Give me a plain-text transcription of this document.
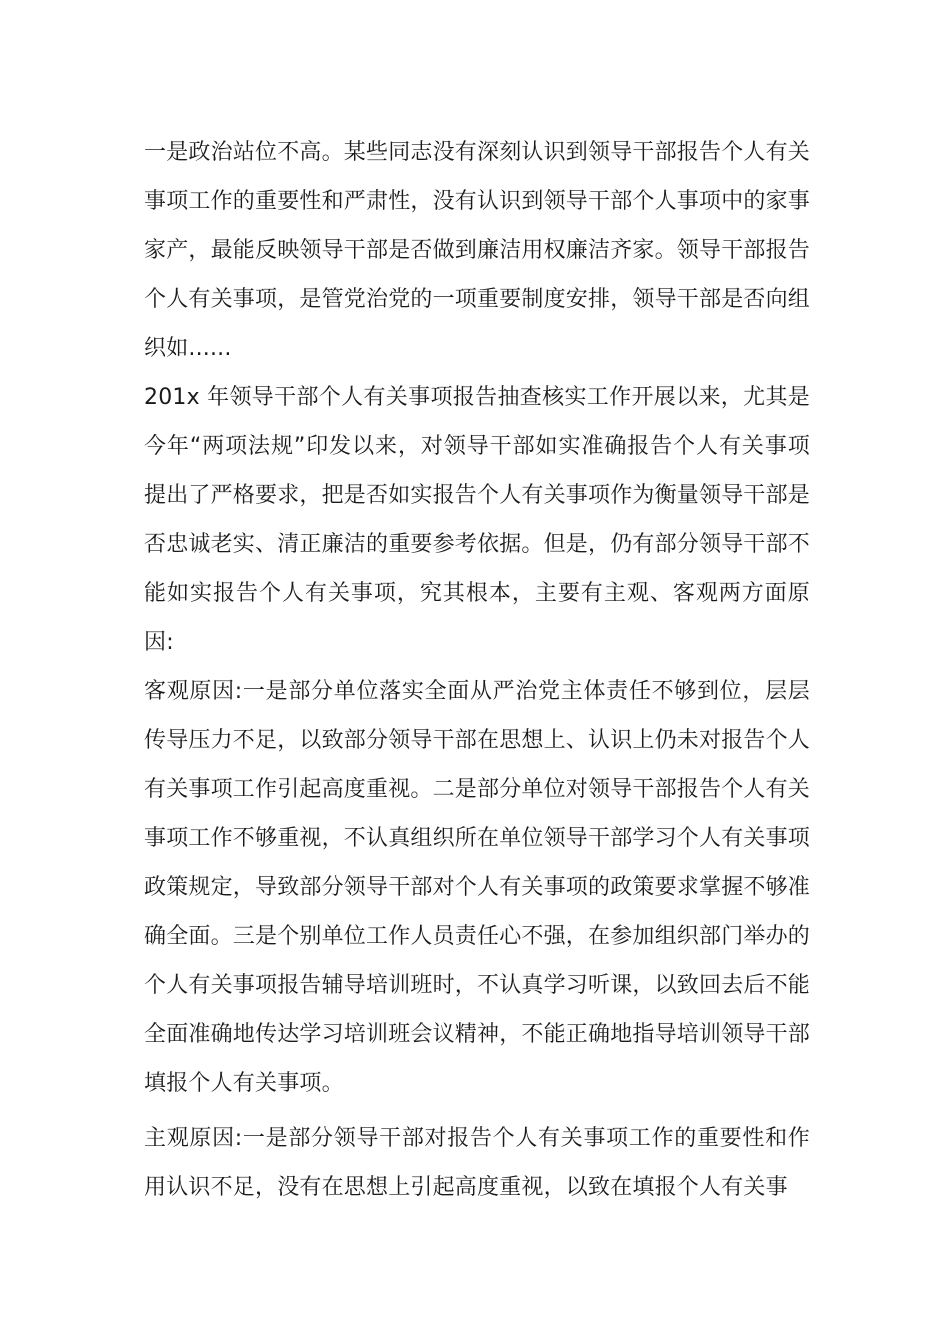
一是政治站位不高。某些同志没有深刻认识到领导干部报告个人有关事项工作的重要性和严肃性，没有认识到领导干部个人事项中的家事家产，最能反映领导干部是否做到廉洁用权廉洁齐家。领导干部报告个人有关事项，是管党治党的一项重要制度安排，领导干部是否向组织如......

201x 年领导干部个人有关事项报告抽查核实工作开展以来，尤其是今年“两项法规”印发以来，对领导干部如实准确报告个人有关事项提出了严格要求，把是否如实报告个人有关事项作为衡量领导干部是否忠诚老实、清正廉洁的重要参考依据。但是，仍有部分领导干部不能如实报告个人有关事项，究其根本，主要有主观、客观两方面原因:

客观原因:一是部分单位落实全面从严治党主体责任不够到位，层层传导压力不足，以致部分领导干部在思想上、认识上仍未对报告个人有关事项工作引起高度重视。二是部分单位对领导干部报告个人有关事项工作不够重视，不认真组织所在单位领导干部学习个人有关事项政策规定，导致部分领导干部对个人有关事项的政策要求掌握不够准确全面。三是个别单位工作人员责任心不强，在参加组织部门举办的个人有关事项报告辅导培训班时，不认真学习听课，以致回去后不能全面准确地传达学习培训班会议精神，不能正确地指导培训领导干部填报个人有关事项。

主观原因:一是部分领导干部对报告个人有关事项工作的重要性和作用认识不足，没有在思想上引起高度重视，以致在填报个人有关事
